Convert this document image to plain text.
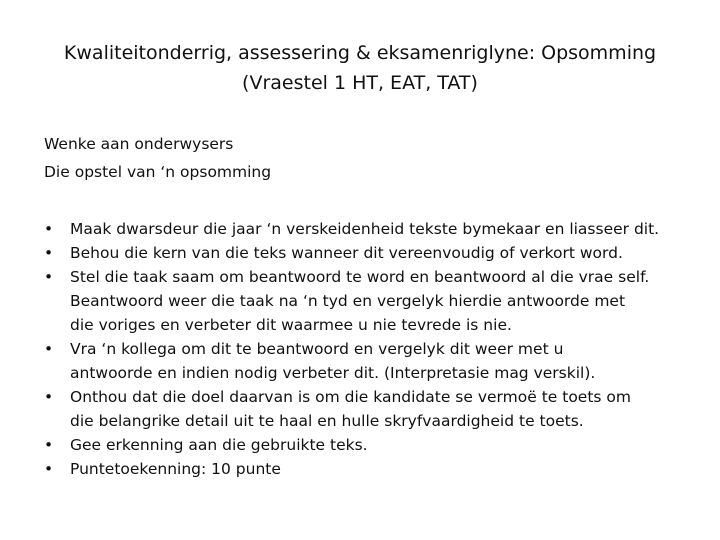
Kwaliteitonderrig, assessering & eksamenriglyne: Opsomming
(Vraestel 1 HT, EAT, TAT)
Wenke aan onderwysers
Die opstel van ‘n opsomming
•	Maak dwarsdeur die jaar ‘n verskeidenheid tekste bymekaar en liasseer dit.
•	Behou die kern van die teks wanneer dit vereenvoudig of verkort word.
•	Stel die taak saam om beantwoord te word en beantwoord al die vrae self.
Beantwoord weer die taak na ‘n tyd en vergelyk hierdie antwoorde met
die voriges en verbeter dit waarmee u nie tevrede is nie.
•	Vra ‘n kollega om dit te beantwoord en vergelyk dit weer met u
antwoorde en indien nodig verbeter dit. (Interpretasie mag verskil).
•	Onthou dat die doel daarvan is om die kandidate se vermoë te toets om
die belangrike detail uit te haal en hulle skryfvaardigheid te toets.
•	Gee erkenning aan die gebruikte teks.
•	Puntetoekenning: 10 punte
